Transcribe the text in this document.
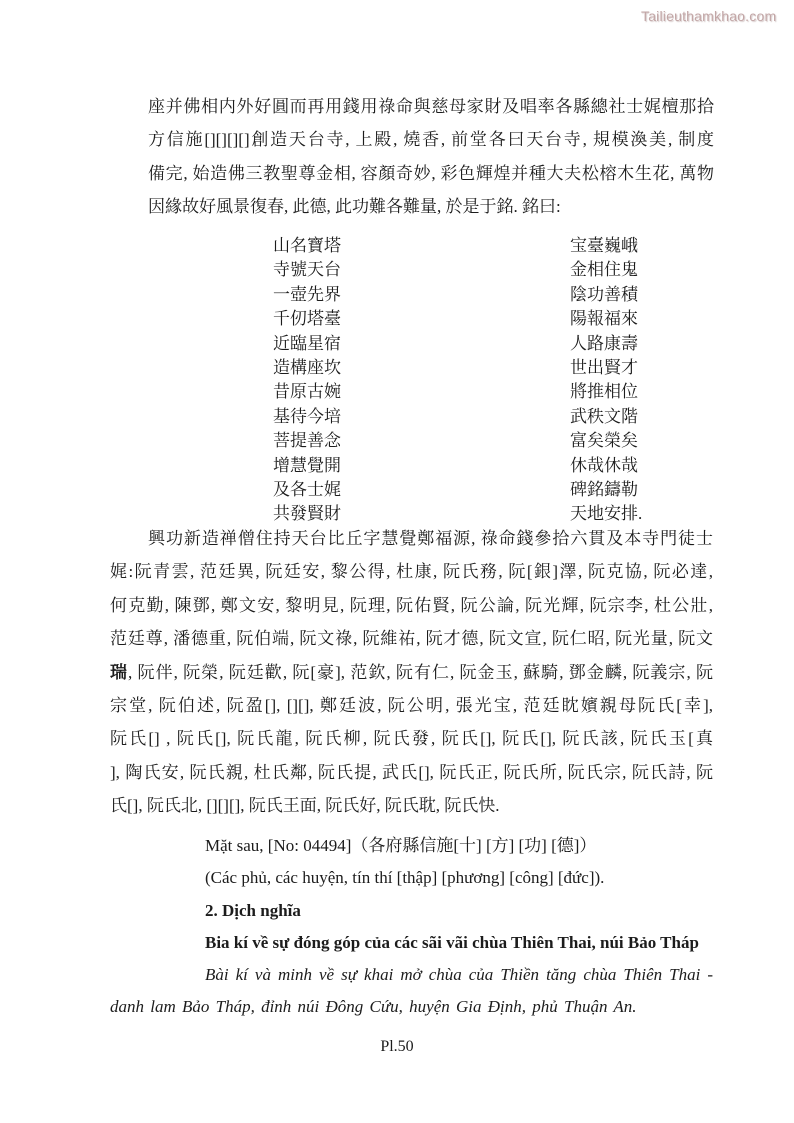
Tailieuthamkhao.com
座并佛相内外好圓而再用錢用祿命與慈母家財及唱率各縣總社士娓檀那拾
方信施[][][][]創造天台寺, 上殿, 燒香, 前堂各曰天台寺, 規模渙美, 制度
備完, 始造佛三教聖尊金相, 容顏奇妙, 彩色輝煌并種大夫松榕木生花, 萬物
因緣故好風景復春, 此德, 此功難各難量, 於是于銘. 銘曰:
山名寶塔	宝臺巍峨
寺號天台	金相住鬼
一壺先界	陰功善積
千仞塔臺	陽報福來
近臨星宿	人路康壽
造構座坎	世出賢才
昔原古婉	將推相位
基待今培	武秩文階
菩提善念	富矣榮矣
增慧覺開	休哉休哉
及各士娓	碑銘鑄勒
共發賢財	天地安排.
興功新造禅僧住持天台比丘字慧覺鄭福源, 祿命錢參拾六貫及本寺門徒士
娓:阮青雲, 范廷異, 阮廷安, 黎公得, 杜康, 阮氏務, 阮[銀]澤, 阮克協, 阮必達,
何克勤, 陳鄧, 鄭文安, 黎明見, 阮理, 阮佑賢, 阮公論, 阮光輝, 阮宗李, 杜公壯,
范廷尊, 潘德重, 阮伯端, 阮文祿, 阮維祐, 阮才德, 阮文宣, 阮仁昭, 阮光量, 阮文
瑞, 阮伴, 阮榮, 阮廷歡, 阮[豪], 范欽, 阮有仁, 阮金玉, 蘇騎, 鄧金麟, 阮義宗, 阮
宗堂, 阮伯述, 阮盈[], [][], 鄭廷波, 阮公明, 張光宝, 范廷眈嬪親母阮氏[幸],
阮氏[] , 阮氏[], 阮氏龍, 阮氏柳, 阮氏發, 阮氏[], 阮氏[], 阮氏該, 阮氏玉[真
], 陶氏安, 阮氏親, 杜氏鄰, 阮氏提, 武氏[], 阮氏正, 阮氏所, 阮氏宗, 阮氏詩, 阮
氏[], 阮氏北, [][][], 阮氏王面, 阮氏好, 阮氏耽, 阮氏快.
Mặt sau, [No: 04494]（各府縣信施[十] [方] [功] [德]）
(Các phủ, các huyện, tín thí [thập] [phương] [công] [đức]).
2. Dịch nghĩa
Bia kí về sự đóng góp của các sãi vãi chùa Thiên Thai, núi Bảo Tháp
Bài kí và minh về sự khai mở chùa của Thiền tăng chùa Thiên Thai -
danh lam Bảo Tháp, đỉnh núi Đông Cứu, huyện Gia Định, phủ Thuận An.
Pl.50
